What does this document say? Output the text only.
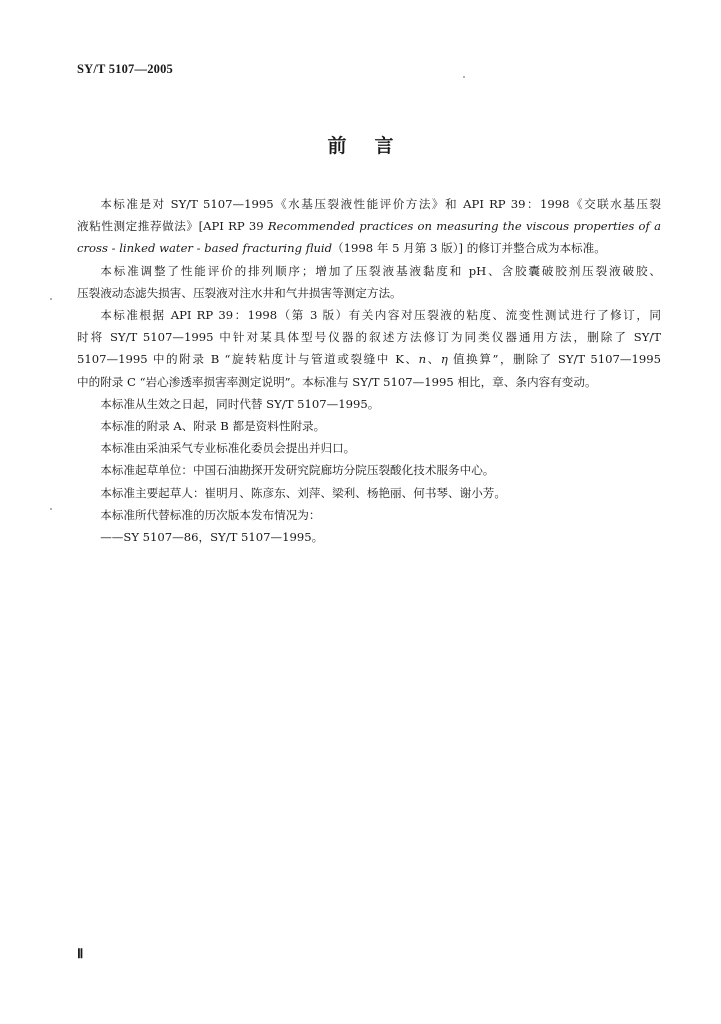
SY/T 5107—2005
前言
本标准是对 SY/T 5107—1995《水基压裂液性能评价方法》和 API RP 39：1998《交联水基压裂
液粘性测定推荐做法》[API RP 39 Recommended practices on measuring the viscous properties of a
cross - linked water - based fracturing fluid（1998 年 5 月第 3 版）] 的修订并整合成为本标准。
本标准调整了性能评价的排列顺序；增加了压裂液基液黏度和 pH、含胶囊破胶剂压裂液破胶、
压裂液动态滤失损害、压裂液对注水井和气井损害等测定方法。
本标准根据 API RP 39：1998（第 3 版）有关内容对压裂液的粘度、流变性测试进行了修订，同
时将 SY/T 5107—1995 中针对某具体型号仪器的叙述方法修订为同类仪器通用方法，删除了 SY/T
5107—1995 中的附录 B “旋转粘度计与管道或裂缝中 K、n、η 值换算”，删除了 SY/T 5107—1995
中的附录 C “岩心渗透率损害率测定说明”。本标准与 SY/T 5107—1995 相比，章、条内容有变动。
本标准从生效之日起，同时代替 SY/T 5107—1995。
本标准的附录 A、附录 B 都是资料性附录。
本标准由采油采气专业标准化委员会提出并归口。
本标准起草单位：中国石油勘探开发研究院廊坊分院压裂酸化技术服务中心。
本标准主要起草人：崔明月、陈彦东、刘萍、梁利、杨艳丽、何书琴、谢小芳。
本标准所代替标准的历次版本发布情况为：
——SY 5107—86，SY/T 5107—1995。
Ⅱ
